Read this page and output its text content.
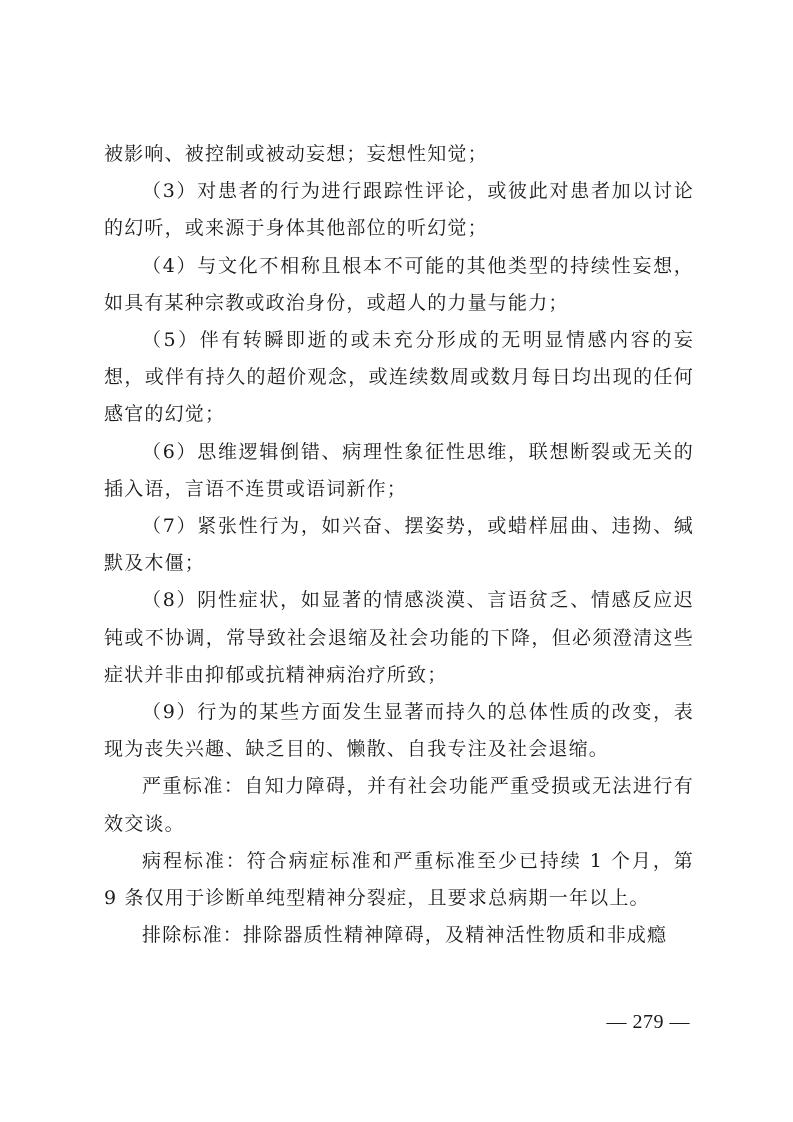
被影响、被控制或被动妄想；妄想性知觉；

（3）对患者的行为进行跟踪性评论，或彼此对患者加以讨论的幻听，或来源于身体其他部位的听幻觉；

（4）与文化不相称且根本不可能的其他类型的持续性妄想，如具有某种宗教或政治身份，或超人的力量与能力；

（5）伴有转瞬即逝的或未充分形成的无明显情感内容的妄想，或伴有持久的超价观念，或连续数周或数月每日均出现的任何感官的幻觉；

（6）思维逻辑倒错、病理性象征性思维，联想断裂或无关的插入语，言语不连贯或语词新作；

（7）紧张性行为，如兴奋、摆姿势，或蜡样屈曲、违拗、缄默及木僵；

（8）阴性症状，如显著的情感淡漠、言语贫乏、情感反应迟钝或不协调，常导致社会退缩及社会功能的下降，但必须澄清这些症状并非由抑郁或抗精神病治疗所致；

（9）行为的某些方面发生显著而持久的总体性质的改变，表现为丧失兴趣、缺乏目的、懒散、自我专注及社会退缩。

严重标准：自知力障碍，并有社会功能严重受损或无法进行有效交谈。

病程标准：符合病症标准和严重标准至少已持续 1 个月，第 9 条仅用于诊断单纯型精神分裂症，且要求总病期一年以上。

排除标准：排除器质性精神障碍，及精神活性物质和非成瘾

— 279 —
